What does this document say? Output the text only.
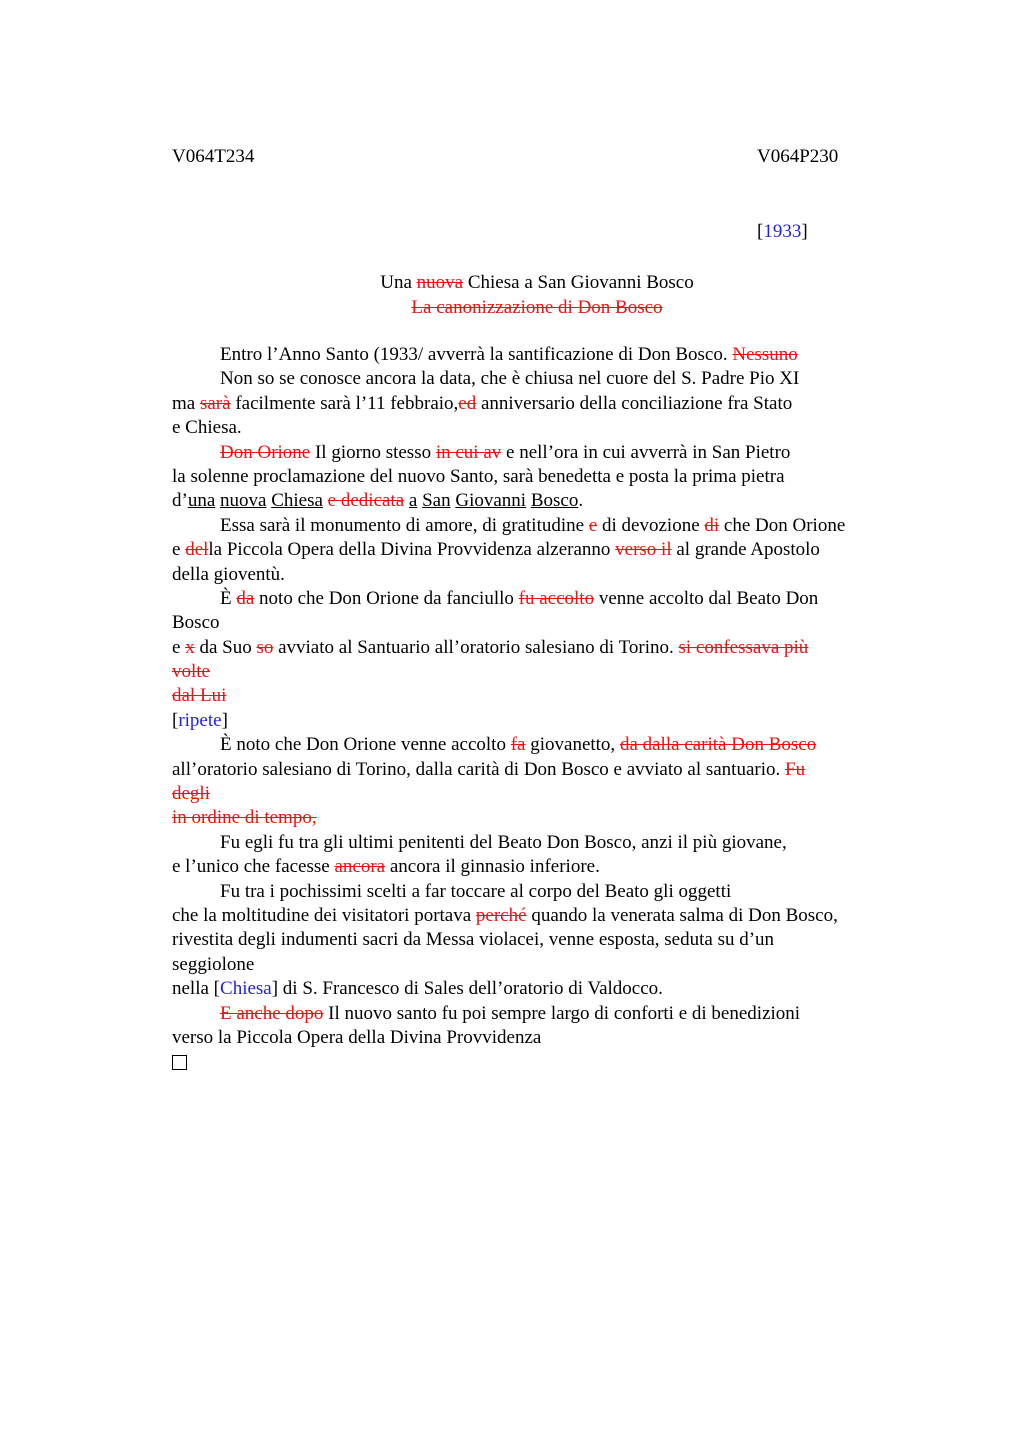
V064T234	V064P230
[1933]
Una nuova Chiesa a San Giovanni Bosco
La canonizzazione di Don Bosco
Entro l’Anno Santo (1933/ avverrà la santificazione di Don Bosco. Nessuno
Non so se conosce ancora la data, che è chiusa nel cuore del S. Padre Pio XI
ma sarà facilmente sarà l’11 febbraio,ed anniversario della conciliazione fra Stato
e Chiesa.
Don Orione Il giorno stesso in cui av e nell’ora in cui avverrà in San Pietro
la solenne proclamazione del nuovo Santo, sarà benedetta e posta la prima pietra
d’una nuova Chiesa e dedicata a San Giovanni Bosco.
Essa sarà il monumento di amore, di gratitudine e di devozione di che Don Orione
e della Piccola Opera della Divina Provvidenza alzeranno verso il al grande Apostolo
della gioventù.
È da noto che Don Orione da fanciullo fu accolto venne accolto dal Beato Don
Bosco
e x da Suo so avviato al Santuario all’oratorio salesiano di Torino. si confessava più
volte
dal Lui
[ripete]
È noto che Don Orione venne accolto fa giovanetto, da dalla carità Don Bosco
all’oratorio salesiano di Torino, dalla carità di Don Bosco e avviato al santuario. Fu
degli
in ordine di tempo,
Fu egli fu tra gli ultimi penitenti del Beato Don Bosco, anzi il più giovane,
e l’unico che facesse ancora ancora il ginnasio inferiore.
Fu tra i pochissimi scelti a far toccare al corpo del Beato gli oggetti
che la moltitudine dei visitatori portava perché quando la venerata salma di Don Bosco,
rivestita degli indumenti sacri da Messa violacei, venne esposta, seduta su d’un
seggiolone
nella [Chiesa] di S. Francesco di Sales dell’oratorio di Valdocco.
E anche dopo Il nuovo santo fu poi sempre largo di conforti e di benedizioni
verso la Piccola Opera della Divina Provvidenza
